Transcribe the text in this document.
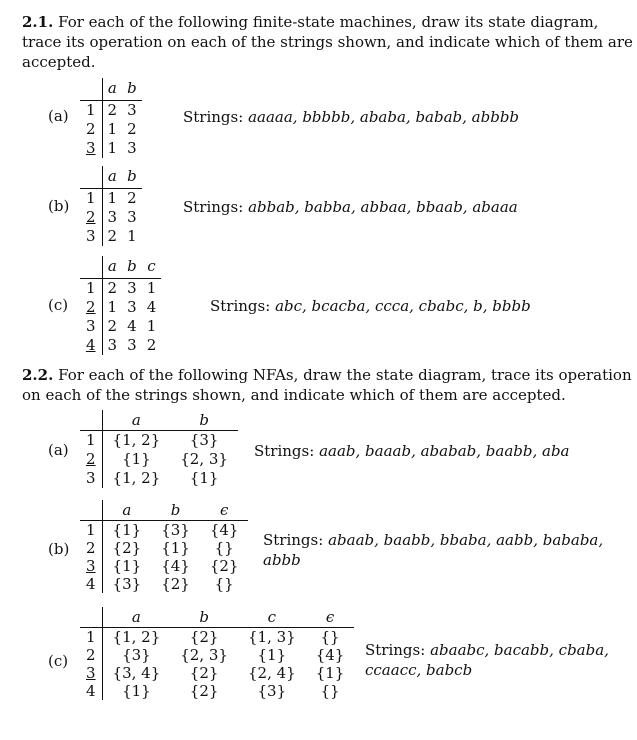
2.1. For each of the following finite-state machines, draw its state diagram, trace its operation on each of the strings shown, and indicate which of them are accepted.

(a)
	a	b
1	2	3
2	1	2
3	1	3
Strings: aaaaa, bbbbb, ababa, babab, abbbb
(b)
	a	b
1	1	2
2	3	3
3	2	1
Strings: abbab, babba, abbaa, bbaab, abaaa
(c)
	a	b	c
1	2	3	1
2	1	3	4
3	2	4	1
4	3	3	2
Strings: abc, bcacba, ccca, cbabc, b, bbbb

2.2. For each of the following NFAs, draw the state diagram, trace its operation on each of the strings shown, and indicate which of them are accepted.

(a)
	a	b
1	{1, 2}	{3}
2	{1}	{2, 3}
3	{1, 2}	{1}
Strings: aaab, baaab, ababab, baabb, aba
(b)
	a	b	ϵ
1	{1}	{3}	{4}
2	{2}	{1}	{}
3	{1}	{4}	{2}
4	{3}	{2}	{}
Strings: abaab, baabb, bbaba, aabb, bababa, abbb
(c)
	a	b	c	ϵ
1	{1, 2}	{2}	{1, 3}	{}
2	{3}	{2, 3}	{1}	{4}
3	{3, 4}	{2}	{2, 4}	{1}
4	{1}	{2}	{3}	{}
Strings: abaabc, bacabb, cbaba, ccaacc, babcb
